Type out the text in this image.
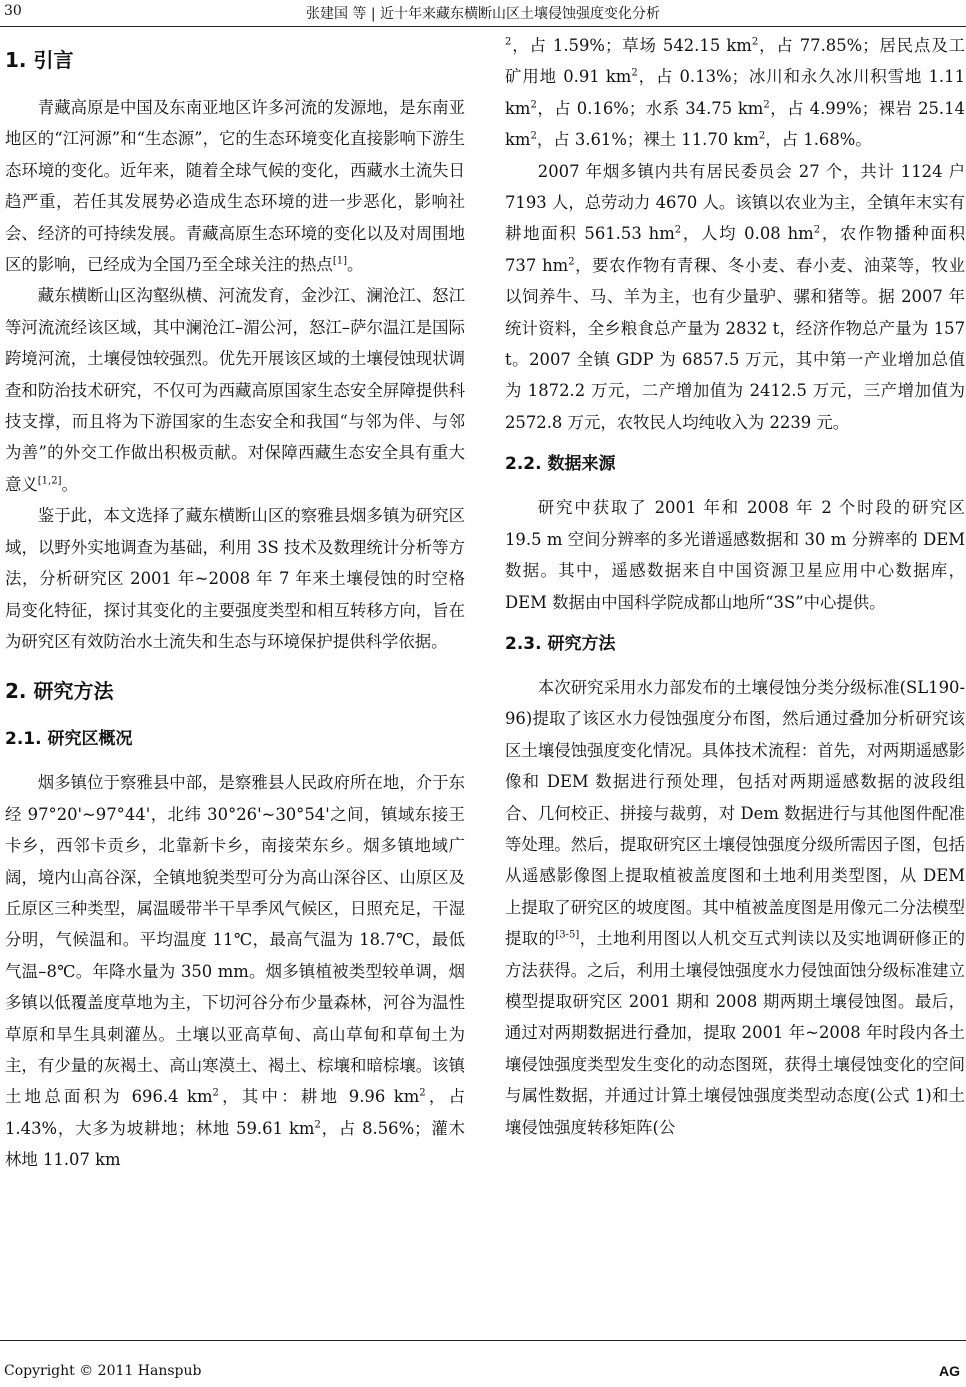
30	张建国 等 | 近十年来藏东横断山区土壤侵蚀强度变化分析
1. 引言

青藏高原是中国及东南亚地区许多河流的发源地，是东南亚地区的“江河源”和“生态源”，它的生态环境变化直接影响下游生态环境的变化。近年来，随着全球气候的变化，西藏水土流失日趋严重，若任其发展势必造成生态环境的进一步恶化，影响社会、经济的可持续发展。青藏高原生态环境的变化以及对周围地区的影响，已经成为全国乃至全球关注的热点[1]。

藏东横断山区沟壑纵横、河流发育，金沙江、澜沧江、怒江等河流流经该区域，其中澜沧江–湄公河，怒江–萨尔温江是国际跨境河流，土壤侵蚀较强烈。优先开展该区域的土壤侵蚀现状调查和防治技术研究，不仅可为西藏高原国家生态安全屏障提供科技支撑，而且将为下游国家的生态安全和我国“与邻为伴、与邻为善”的外交工作做出积极贡献。对保障西藏生态安全具有重大意义[1,2]。

鉴于此，本文选择了藏东横断山区的察雅县烟多镇为研究区域，以野外实地调查为基础，利用 3S 技术及数理统计分析等方法，分析研究区 2001 年~2008 年 7 年来土壤侵蚀的时空格局变化特征，探讨其变化的主要强度类型和相互转移方向，旨在为研究区有效防治水土流失和生态与环境保护提供科学依据。

2. 研究方法
2.1. 研究区概况

烟多镇位于察雅县中部，是察雅县人民政府所在地，介于东经 97°20'~97°44'，北纬 30°26'~30°54'之间，镇域东接王卡乡，西邻卡贡乡，北靠新卡乡，南接荣东乡。烟多镇地域广阔，境内山高谷深，全镇地貌类型可分为高山深谷区、山原区及丘原区三种类型，属温暖带半干旱季风气候区，日照充足，干湿分明，气候温和。平均温度 11℃，最高气温为 18.7℃，最低气温–8℃。年降水量为 350 mm。烟多镇植被类型较单调，烟多镇以低覆盖度草地为主，下切河谷分布少量森林，河谷为温性草原和旱生具刺灌丛。土壤以亚高草甸、高山草甸和草甸土为主，有少量的灰褐土、高山寒漠土、褐土、棕壤和暗棕壤。该镇土地总面积为 696.4 $km^2$，其中：耕地 9.96 $km^2$，占 1.43%，大多为坡耕地；林地 59.61 $km^2$，占 8.56%；灌木林地 11.07 km

$^2$，占 1.59%；草场 542.15 $km^2$，占 77.85%；居民点及工矿用地 0.91 $km^2$，占 0.13%；冰川和永久冰川积雪地 1.11 $km^2$，占 0.16%；水系 34.75 $km^2$，占 4.99%；裸岩 25.14 $km^2$，占 3.61%；裸土 11.70 $km^2$，占 1.68%。

2007 年烟多镇内共有居民委员会 27 个，共计 1124 户 7193 人，总劳动力 4670 人。该镇以农业为主，全镇年末实有耕地面积 561.53 $hm^2$，人均 0.08 $hm^2$，农作物播种面积 737 $hm^2$，要农作物有青稞、冬小麦、春小麦、油菜等，牧业以饲养牛、马、羊为主，也有少量驴、骡和猪等。据 2007 年统计资料，全乡粮食总产量为 2832 t，经济作物总产量为 157 t。2007 全镇 GDP 为 6857.5 万元，其中第一产业增加总值为 1872.2 万元，二产增加值为 2412.5 万元，三产增加值为 2572.8 万元，农牧民人均纯收入为 2239 元。

2.2. 数据来源

研究中获取了 2001 年和 2008 年 2 个时段的研究区 19.5 m 空间分辨率的多光谱遥感数据和 30 m 分辨率的 DEM 数据。其中，遥感数据来自中国资源卫星应用中心数据库，DEM 数据由中国科学院成都山地所“3S”中心提供。

2.3. 研究方法

本次研究采用水力部发布的土壤侵蚀分类分级标准(SL190-96)提取了该区水力侵蚀强度分布图，然后通过叠加分析研究该区土壤侵蚀强度变化情况。具体技术流程：首先，对两期遥感影像和 DEM 数据进行预处理，包括对两期遥感数据的波段组合、几何校正、拼接与裁剪，对 Dem 数据进行与其他图件配准等处理。然后，提取研究区土壤侵蚀强度分级所需因子图，包括从遥感影像图上提取植被盖度图和土地利用类型图，从 DEM 上提取了研究区的坡度图。其中植被盖度图是用像元二分法模型提取的[3-5]，土地利用图以人机交互式判读以及实地调研修正的方法获得。之后，利用土壤侵蚀强度水力侵蚀面蚀分级标准建立模型提取研究区 2001 期和 2008 期两期土壤侵蚀图。最后，通过对两期数据进行叠加，提取 2001 年~2008 年时段内各土壤侵蚀强度类型发生变化的动态图斑，获得土壤侵蚀变化的空间与属性数据，并通过计算土壤侵蚀强度类型动态度(公式 1)和土壤侵蚀强度转移矩阵(公

Copyright © 2011 Hanspub	AG
